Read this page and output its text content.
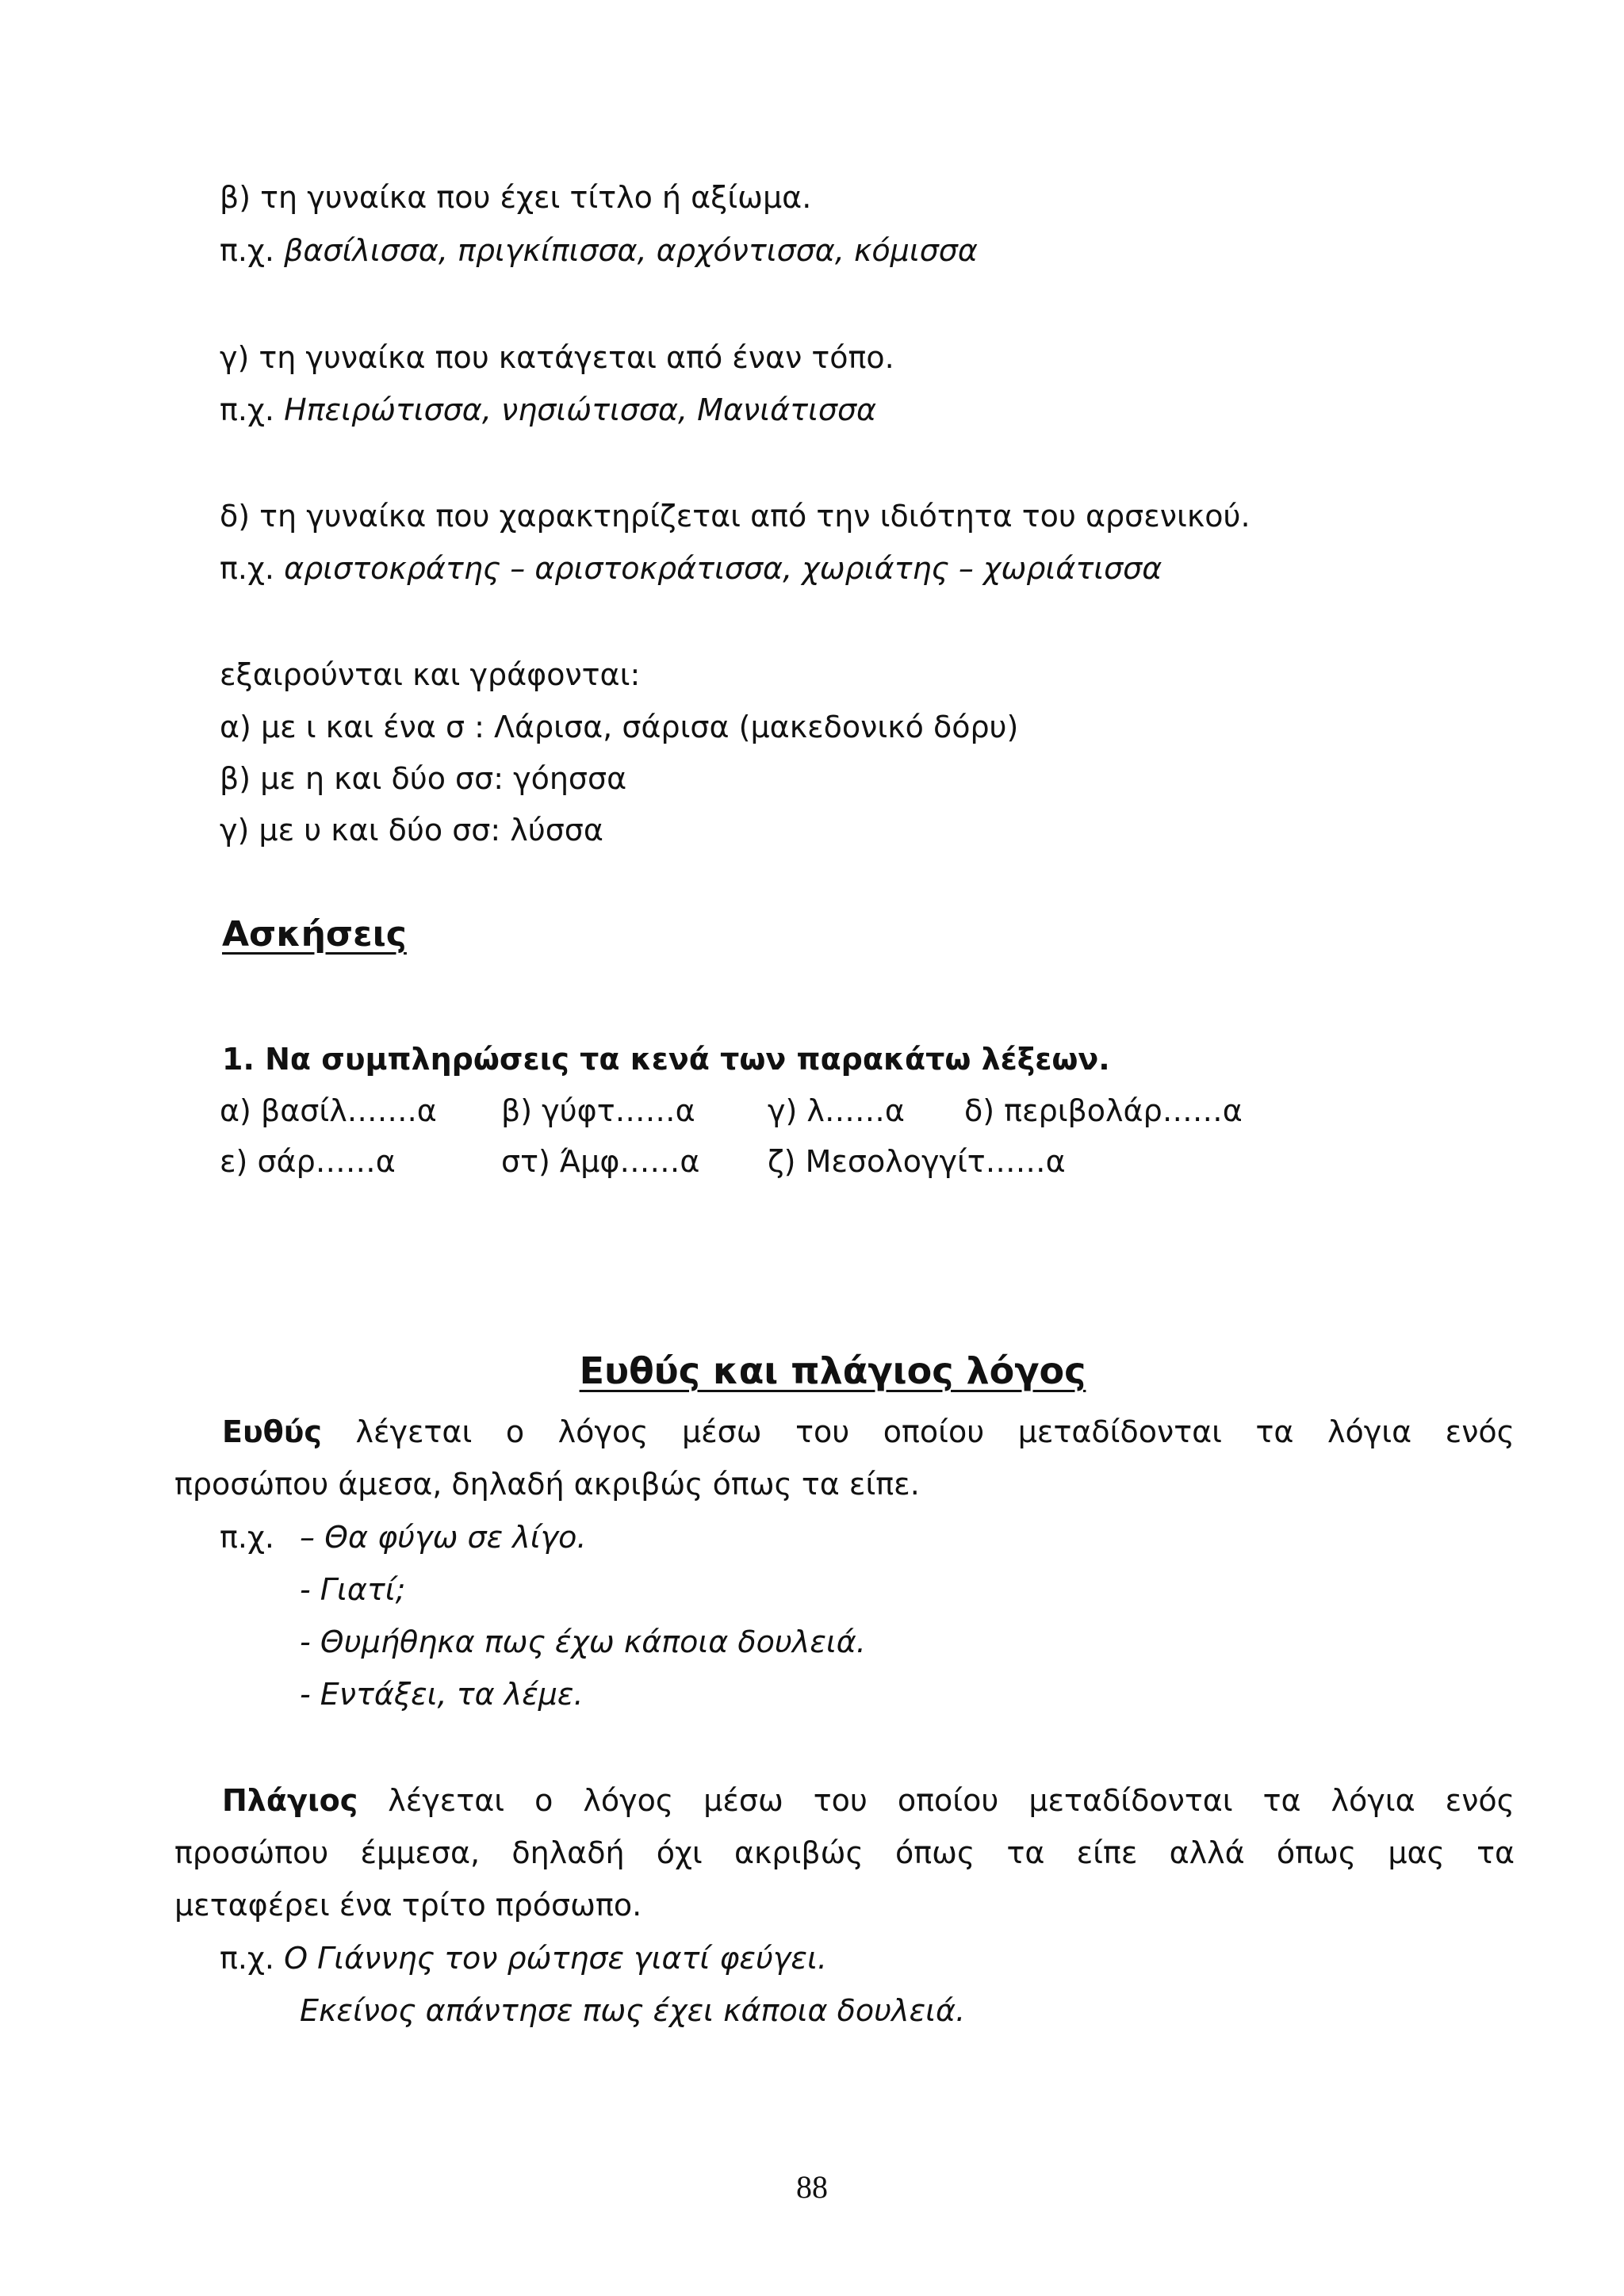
β) τη γυναίκα που έχει τίτλο ή αξίωμα.
π.χ. βασίλισσα, πριγκίπισσα, αρχόντισσα, κόμισσα
γ) τη γυναίκα που κατάγεται από έναν τόπο.
π.χ. Ηπειρώτισσα, νησιώτισσα, Μανιάτισσα
δ) τη γυναίκα που χαρακτηρίζεται από την ιδιότητα του αρσενικού.
π.χ. αριστοκράτης – αριστοκράτισσα, χωριάτης – χωριάτισσα
εξαιρούνται και γράφονται:
α) με ι και ένα σ : Λάρισα, σάρισα (μακεδονικό δόρυ)
β) με η και δύο σσ: γόησσα
γ) με υ και δύο σσ: λύσσα
Ασκήσεις
1. Να συμπληρώσεις τα κενά των παρακάτω λέξεων.
α) βασίλ…….α β) γύφτ……α γ) λ……α δ) περιβολάρ……α
ε) σάρ……α	στ) Άμφ……α ζ) Μεσολογγίτ……α
Ευθύς και πλάγιος λόγος
Ευθύς λέγεται ο λόγος μέσω του οποίου μεταδίδονται τα λόγια ενός
προσώπου άμεσα, δηλαδή ακριβώς όπως τα είπε.
π.χ. – Θα φύγω σε λίγο.
- Γιατί;
- Θυμήθηκα πως έχω κάποια δουλειά.
- Εντάξει, τα λέμε.
Πλάγιος λέγεται ο λόγος μέσω του οποίου μεταδίδονται τα λόγια ενός
προσώπου έμμεσα, δηλαδή όχι ακριβώς όπως τα είπε αλλά όπως μας τα
μεταφέρει ένα τρίτο πρόσωπο.
π.χ. Ο Γιάννης τον ρώτησε γιατί φεύγει.
Εκείνος απάντησε πως έχει κάποια δουλειά.
88
